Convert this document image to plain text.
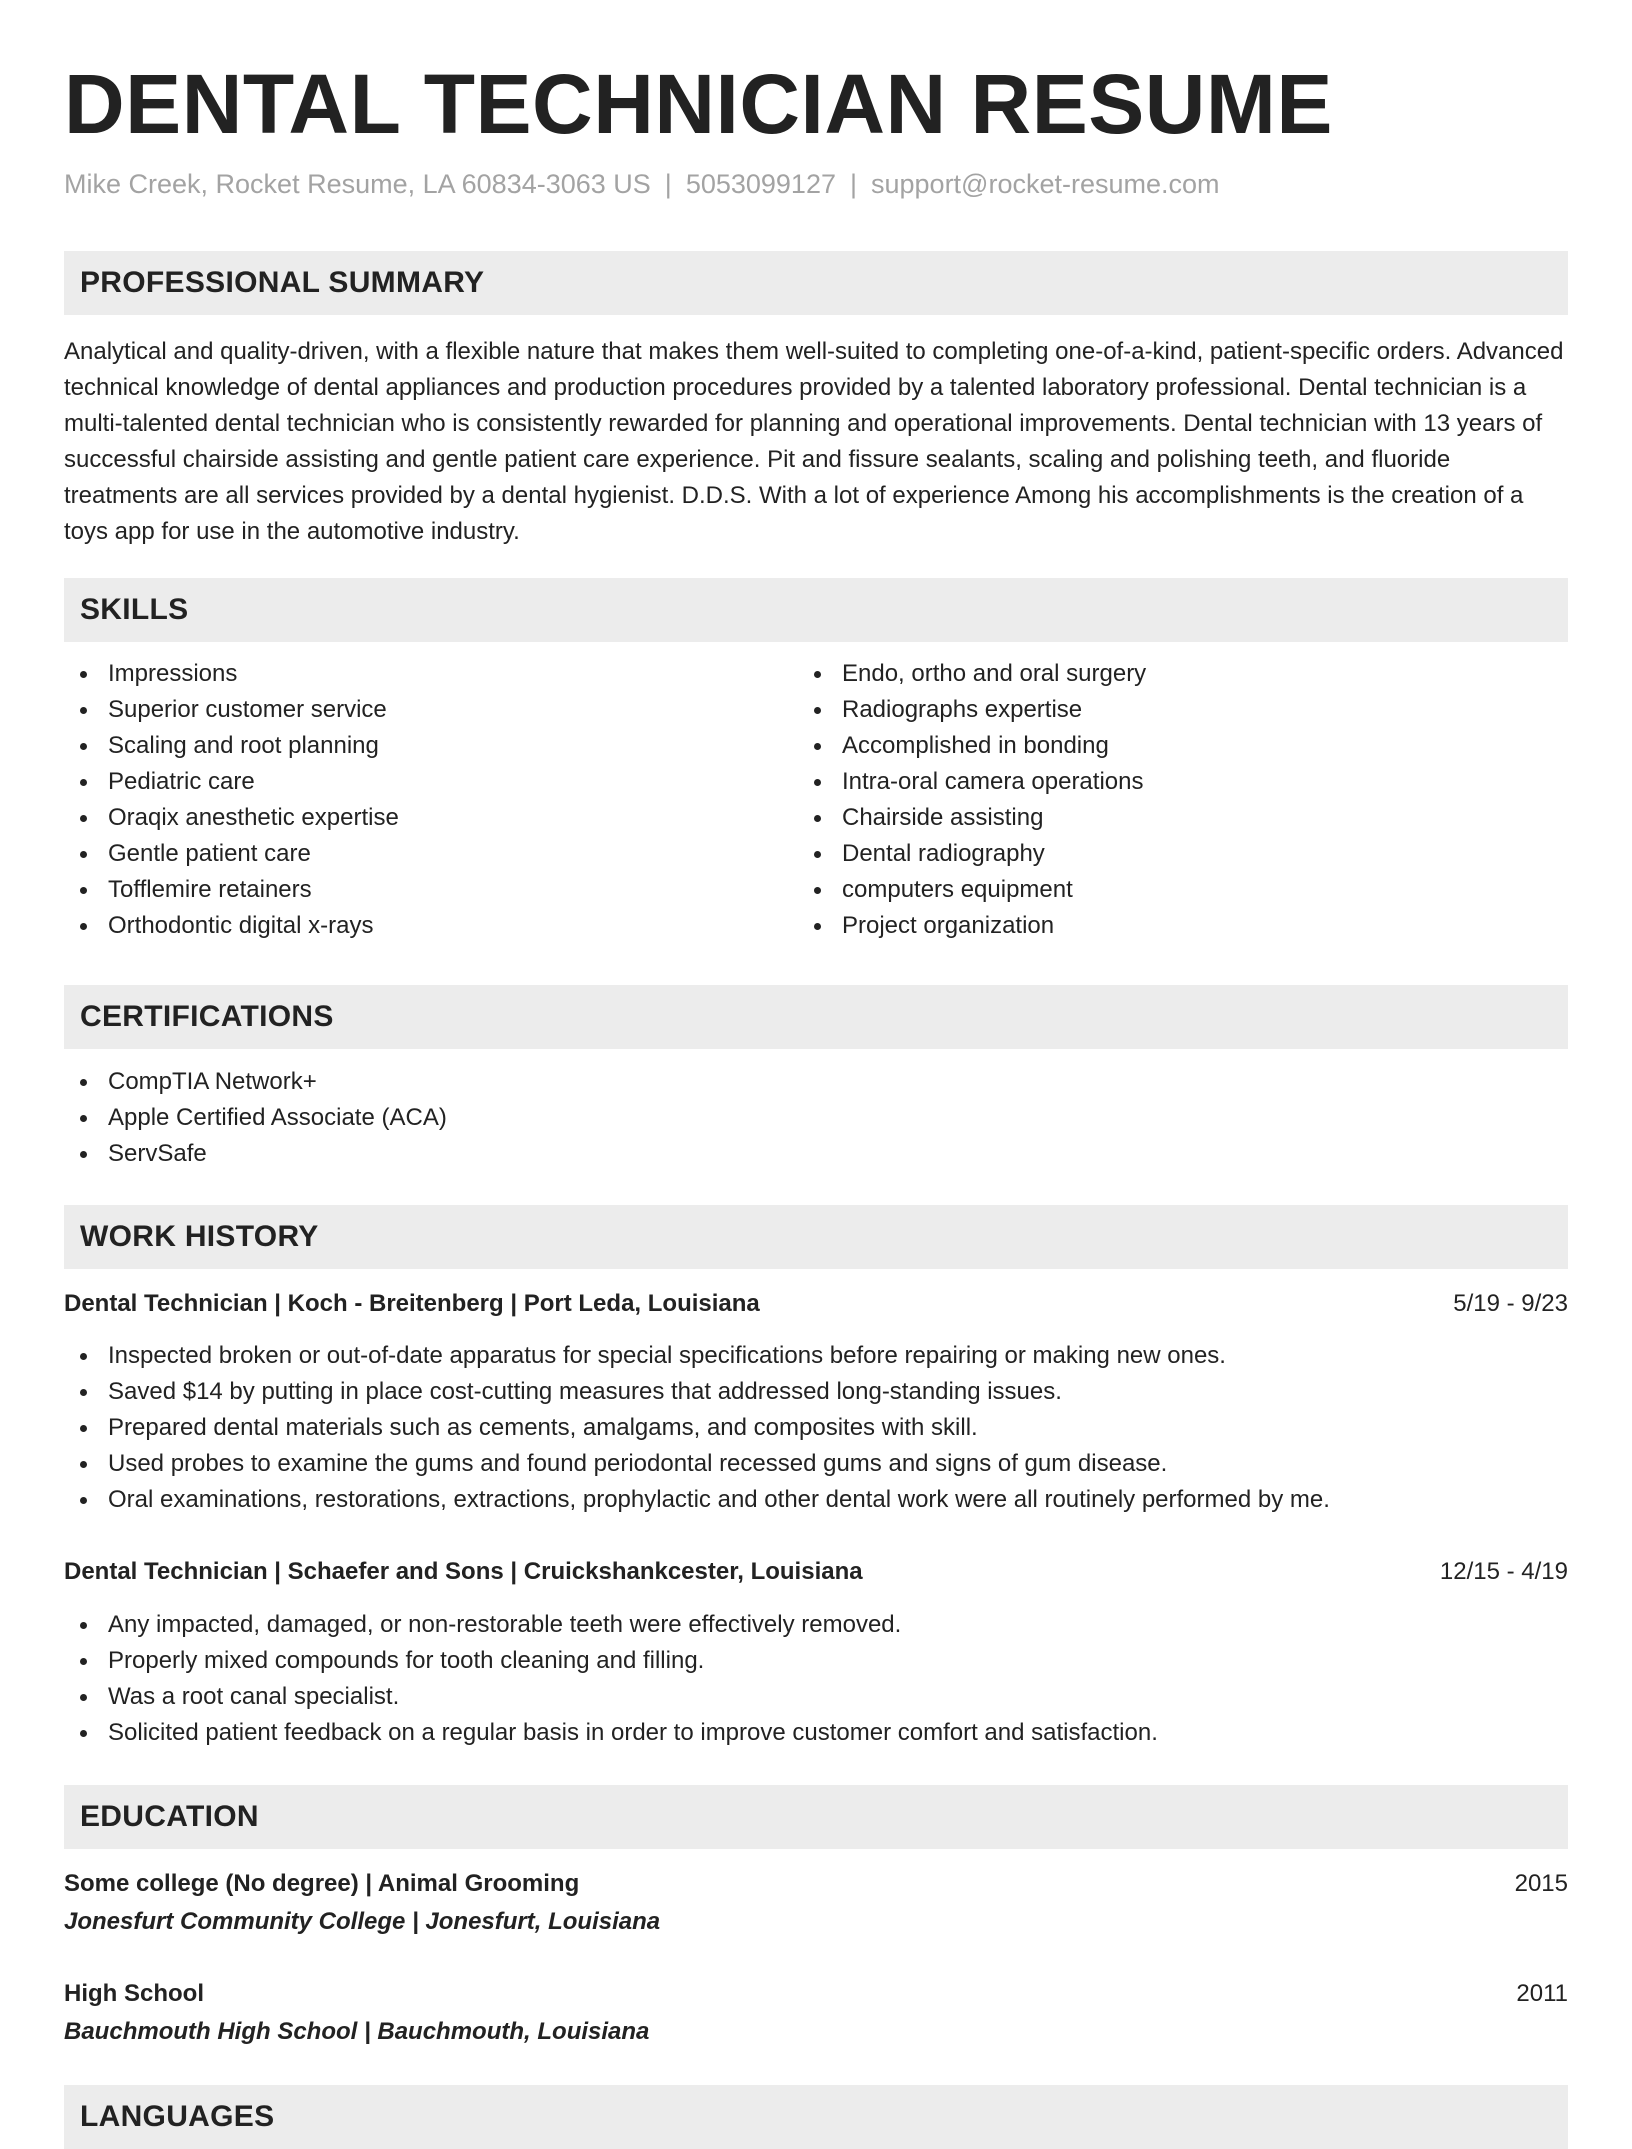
DENTAL TECHNICIAN RESUME
Mike Creek, Rocket Resume, LA 60834-3063 US | 5053099127 | support@rocket-resume.com
PROFESSIONAL SUMMARY

Analytical and quality-driven, with a flexible nature that makes them well-suited to completing one-of-a-kind, patient-specific orders. Advanced technical knowledge of dental appliances and production procedures provided by a talented laboratory professional. Dental technician is a multi-talented dental technician who is consistently rewarded for planning and operational improvements. Dental technician with 13 years of successful chairside assisting and gentle patient care experience. Pit and fissure sealants, scaling and polishing teeth, and fluoride treatments are all services provided by a dental hygienist. D.D.S. With a lot of experience Among his accomplishments is the creation of a toys app for use in the automotive industry.

SKILLS
Impressions
Superior customer service
Scaling and root planning
Pediatric care
Oraqix anesthetic expertise
Gentle patient care
Tofflemire retainers
Orthodontic digital x-rays
Endo, ortho and oral surgery
Radiographs expertise
Accomplished in bonding
Intra-oral camera operations
Chairside assisting
Dental radiography
computers equipment
Project organization
CERTIFICATIONS
CompTIA Network+
Apple Certified Associate (ACA)
ServSafe
WORK HISTORY
Dental Technician | Koch - Breitenberg | Port Leda, Louisiana	5/19 - 9/23
Inspected broken or out-of-date apparatus for special specifications before repairing or making new ones.
Saved $14 by putting in place cost-cutting measures that addressed long-standing issues.
Prepared dental materials such as cements, amalgams, and composites with skill.
Used probes to examine the gums and found periodontal recessed gums and signs of gum disease.
Oral examinations, restorations, extractions, prophylactic and other dental work were all routinely performed by me.
Dental Technician | Schaefer and Sons | Cruickshankcester, Louisiana	12/15 - 4/19
Any impacted, damaged, or non-restorable teeth were effectively removed.
Properly mixed compounds for tooth cleaning and filling.
Was a root canal specialist.
Solicited patient feedback on a regular basis in order to improve customer comfort and satisfaction.
EDUCATION
Some college (No degree) | Animal Grooming	2015
Jonesfurt Community College | Jonesfurt, Louisiana
High School	2011
Bauchmouth High School | Bauchmouth, Louisiana
LANGUAGES
